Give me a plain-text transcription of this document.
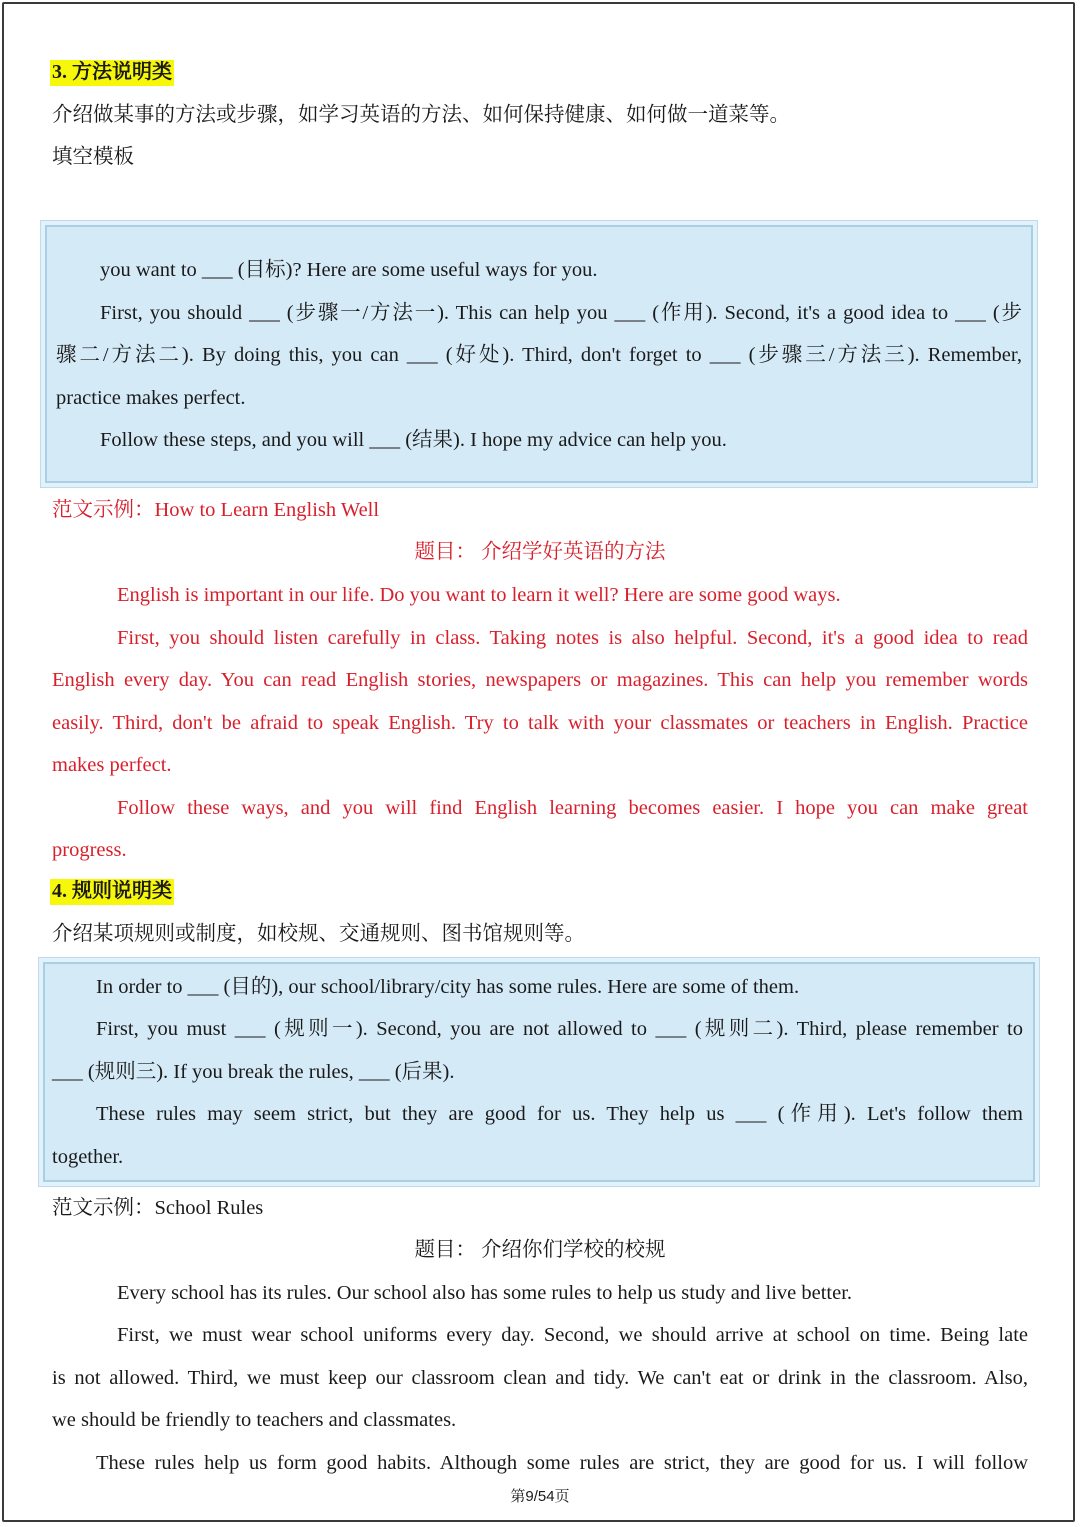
3. 方法说明类
介绍做某事的方法或步骤，如学习英语的方法、如何保持健康、如何做一道菜等。
填空模板
you want to ___ (目标)? Here are some useful ways for you.
First, you should ___ (步骤一/方法一). This can help you ___ (作用). Second, it's a good idea to ___ (步
骤二/方法二). By doing this, you can ___ (好处). Third, don't forget to ___ (步骤三/方法三). Remember,
practice makes perfect.
Follow these steps, and you will ___ (结果). I hope my advice can help you.
范文示例：How to Learn English Well
题目： 介绍学好英语的方法
English is important in our life. Do you want to learn it well? Here are some good ways.
First, you should listen carefully in class. Taking notes is also helpful. Second, it's a good idea to read
English every day. You can read English stories, newspapers or magazines. This can help you remember words
easily. Third, don't be afraid to speak English. Try to talk with your classmates or teachers in English. Practice
makes perfect.
Follow these ways, and you will find English learning becomes easier. I hope you can make great
progress.
4. 规则说明类
介绍某项规则或制度，如校规、交通规则、图书馆规则等。
In order to ___ (目的), our school/library/city has some rules. Here are some of them.
First, you must ___ (规则一). Second, you are not allowed to ___ (规则二). Third, please remember to
___ (规则三). If you break the rules, ___ (后果).
These rules may seem strict, but they are good for us. They help us ___ (作用). Let's follow them
together.
范文示例：School Rules
题目： 介绍你们学校的校规
Every school has its rules. Our school also has some rules to help us study and live better.
First, we must wear school uniforms every day. Second, we should arrive at school on time. Being late
is not allowed. Third, we must keep our classroom clean and tidy. We can't eat or drink in the classroom. Also,
we should be friendly to teachers and classmates.
These rules help us form good habits. Although some rules are strict, they are good for us. I will follow
第9/54页
